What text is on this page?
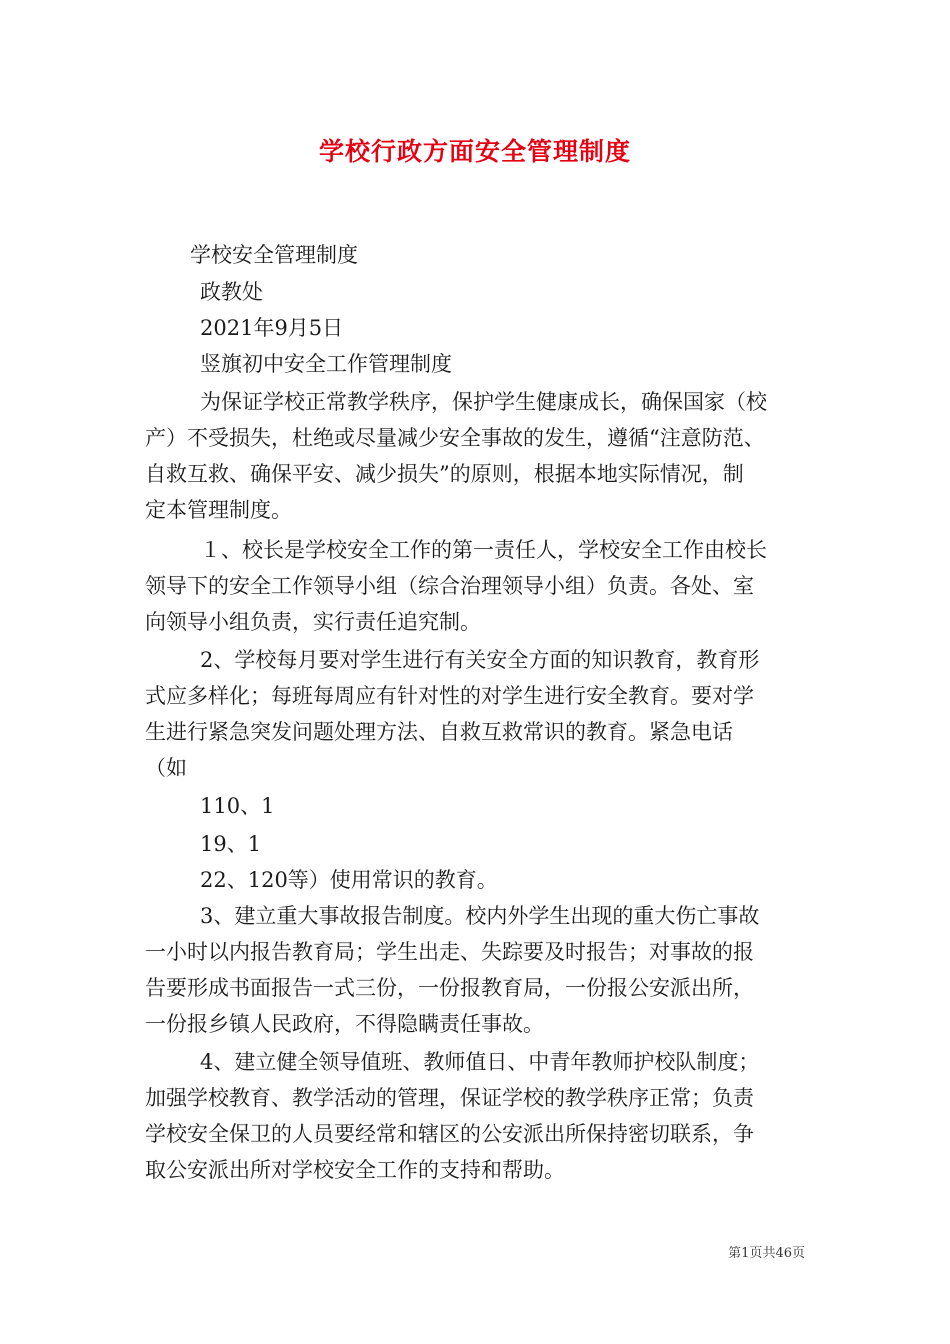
学校行政方面安全管理制度
学校安全管理制度
政教处
2021年9月5日
竖旗初中安全工作管理制度
为保证学校正常教学秩序，保护学生健康成长，确保国家（校
产）不受损失，杜绝或尽量减少安全事故的发生，遵循“注意防范、
自救互救、确保平安、减少损失”的原则，根据本地实际情况，制
定本管理制度。
１、校长是学校安全工作的第一责任人，学校安全工作由校长
领导下的安全工作领导小组（综合治理领导小组）负责。各处、室
向领导小组负责，实行责任追究制。
2、学校每月要对学生进行有关安全方面的知识教育，教育形
式应多样化；每班每周应有针对性的对学生进行安全教育。要对学
生进行紧急突发问题处理方法、自救互救常识的教育。紧急电话
（如
110、1
19、1
22、120等）使用常识的教育。
3、建立重大事故报告制度。校内外学生出现的重大伤亡事故
一小时以内报告教育局；学生出走、失踪要及时报告；对事故的报
告要形成书面报告一式三份，一份报教育局，一份报公安派出所，
一份报乡镇人民政府，不得隐瞒责任事故。
4、建立健全领导值班、教师值日、中青年教师护校队制度；
加强学校教育、教学活动的管理，保证学校的教学秩序正常；负责
学校安全保卫的人员要经常和辖区的公安派出所保持密切联系，争
取公安派出所对学校安全工作的支持和帮助。
第1页共46页
